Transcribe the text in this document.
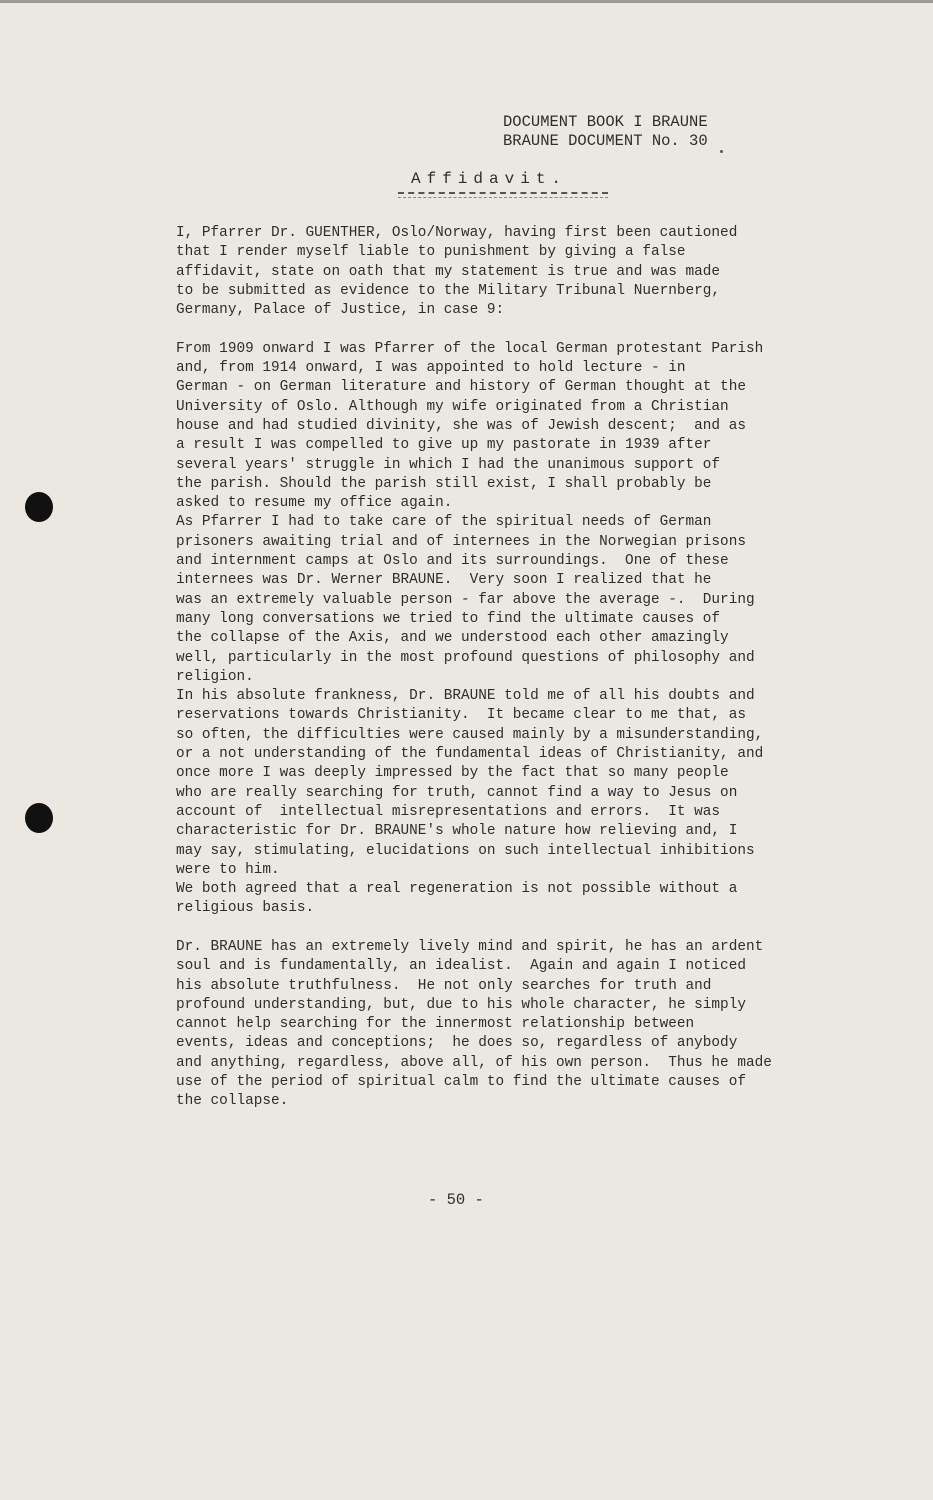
DOCUMENT BOOK I BRAUNE
BRAUNE DOCUMENT No. 30
Affidavit.
I, Pfarrer Dr. GUENTHER, Oslo/Norway, having first been cautioned
that I render myself liable to punishment by giving a false
affidavit, state on oath that my statement is true and was made
to be submitted as evidence to the Military Tribunal Nuernberg,
Germany, Palace of Justice, in case 9:
From 1909 onward I was Pfarrer of the local German protestant Parish
and, from 1914 onward, I was appointed to hold lecture - in
German - on German literature and history of German thought at the
University of Oslo. Although my wife originated from a Christian
house and had studied divinity, she was of Jewish descent;  and as
a result I was compelled to give up my pastorate in 1939 after
several years' struggle in which I had the unanimous support of
the parish. Should the parish still exist, I shall probably be
asked to resume my office again.
As Pfarrer I had to take care of the spiritual needs of German
prisoners awaiting trial and of internees in the Norwegian prisons
and internment camps at Oslo and its surroundings.  One of these
internees was Dr. Werner BRAUNE.  Very soon I realized that he
was an extremely valuable person - far above the average -.  During
many long conversations we tried to find the ultimate causes of
the collapse of the Axis, and we understood each other amazingly
well, particularly in the most profound questions of philosophy and
religion.
In his absolute frankness, Dr. BRAUNE told me of all his doubts and
reservations towards Christianity.  It became clear to me that, as
so often, the difficulties were caused mainly by a misunderstanding,
or a not understanding of the fundamental ideas of Christianity, and
once more I was deeply impressed by the fact that so many people
who are really searching for truth, cannot find a way to Jesus on
account of  intellectual misrepresentations and errors.  It was
characteristic for Dr. BRAUNE's whole nature how relieving and, I
may say, stimulating, elucidations on such intellectual inhibitions
were to him.
We both agreed that a real regeneration is not possible without a
religious basis.
Dr. BRAUNE has an extremely lively mind and spirit, he has an ardent
soul and is fundamentally, an idealist.  Again and again I noticed
his absolute truthfulness.  He not only searches for truth and
profound understanding, but, due to his whole character, he simply
cannot help searching for the innermost relationship between
events, ideas and conceptions;  he does so, regardless of anybody
and anything, regardless, above all, of his own person.  Thus he made
use of the period of spiritual calm to find the ultimate causes of
the collapse.
- 50 -
